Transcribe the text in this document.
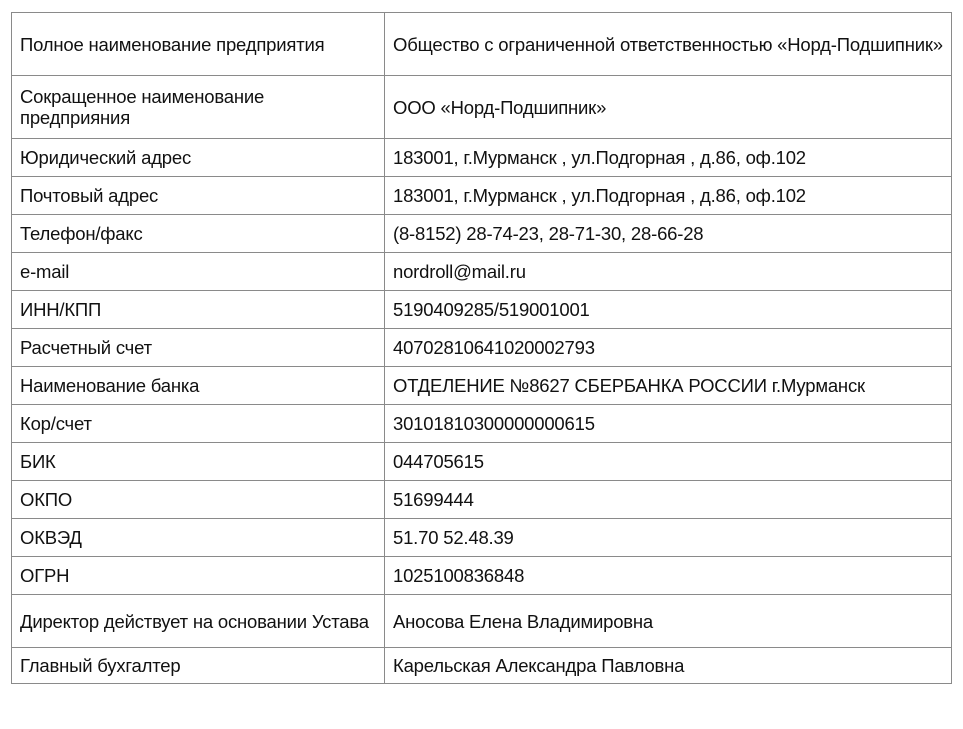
Полное наименование предприятия	Общество с ограниченной ответственностью «Норд-Подшипник»
Сокращенное наименование предприяния	ООО «Норд-Подшипник»
Юридический адрес	183001, г.Мурманск , ул.Подгорная , д.86, оф.102
Почтовый адрес	183001, г.Мурманск , ул.Подгорная , д.86, оф.102
Телефон/факс	(8-8152) 28-74-23, 28-71-30, 28-66-28
e-mail	nordroll@mail.ru
ИНН/КПП	5190409285/519001001
Расчетный счет	40702810641020002793
Наименование банка	ОТДЕЛЕНИЕ №8627 СБЕРБАНКА РОССИИ г.Мурманск
Кор/счет	30101810300000000615
БИК	044705615
ОКПО	51699444
ОКВЭД	51.70 52.48.39
ОГРН	1025100836848
Директор действует на основании Устава	Аносова Елена Владимировна
Главный бухгалтер	Карельская Александра Павловна
